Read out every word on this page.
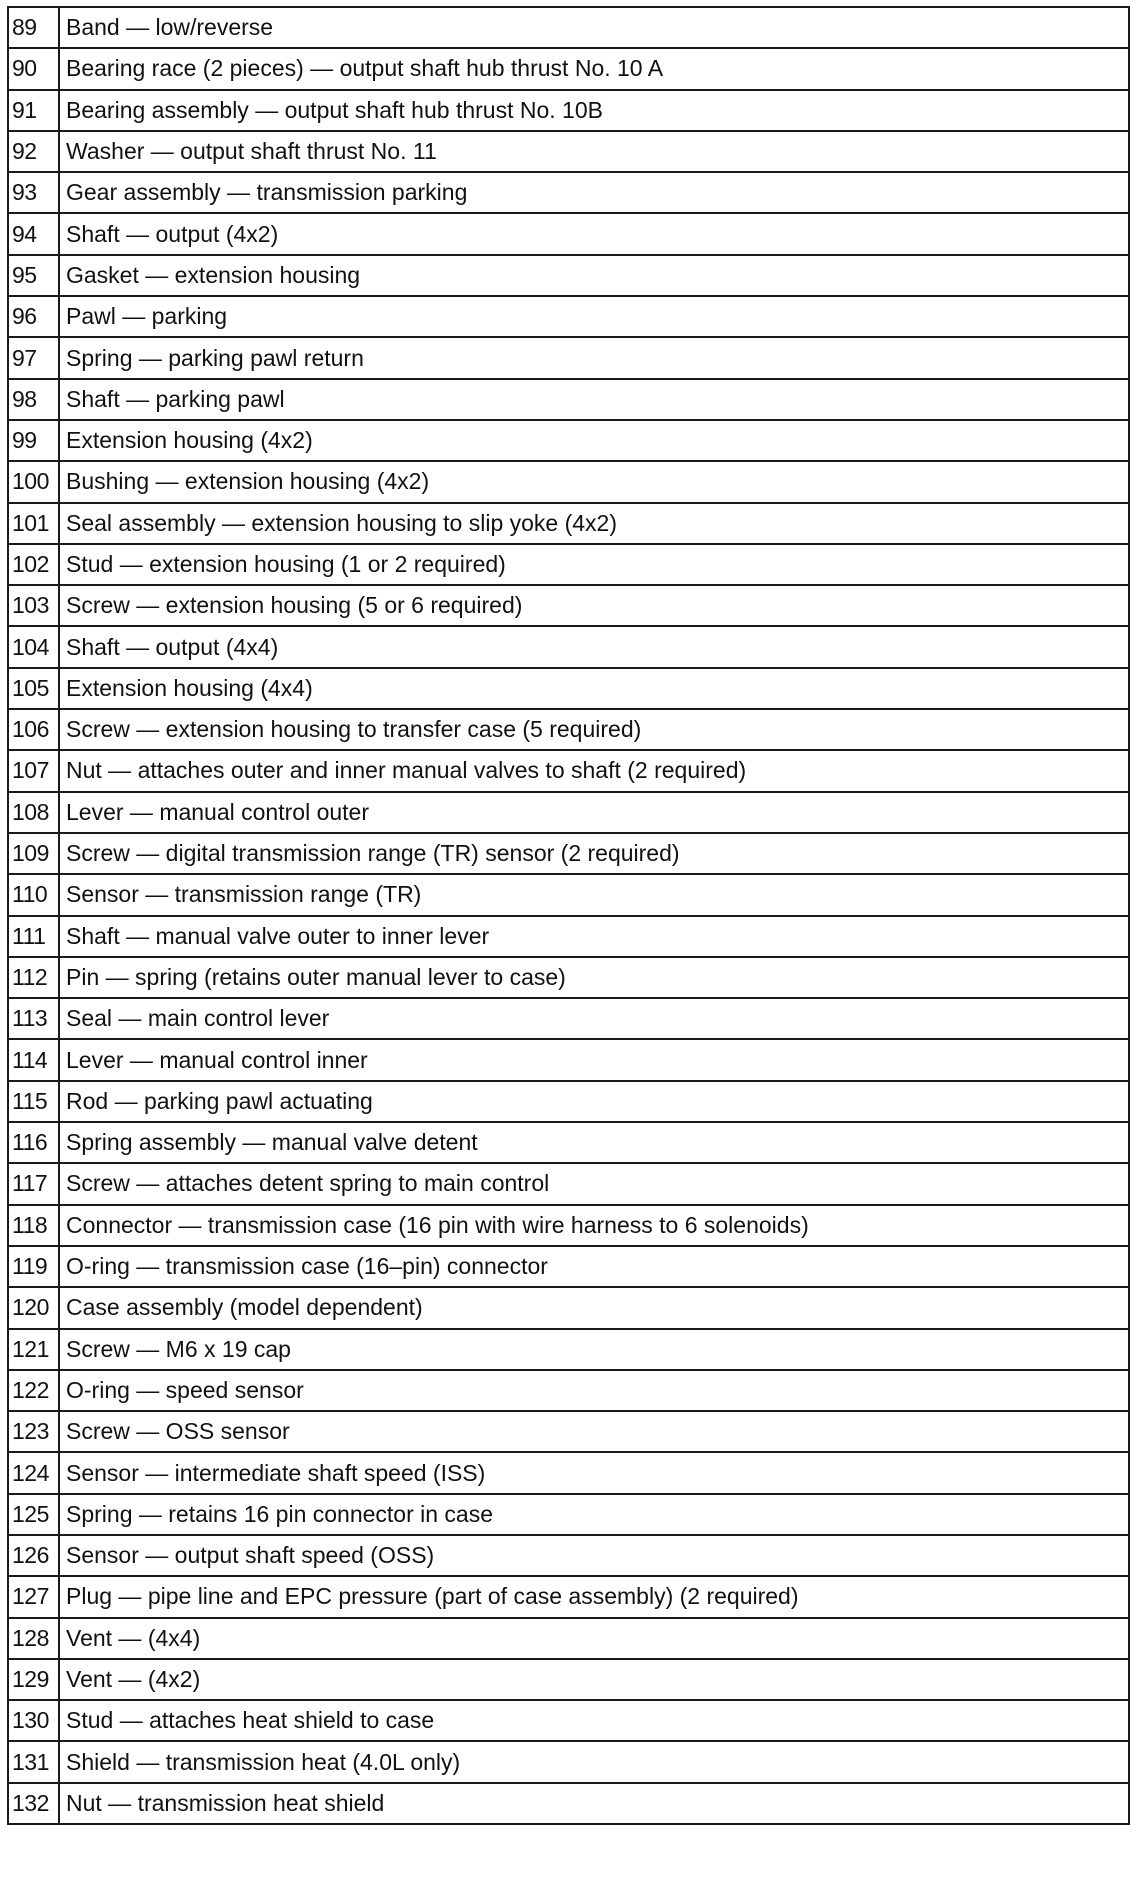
89	Band — low/reverse
90	Bearing race (2 pieces) — output shaft hub thrust No. 10 A
91	Bearing assembly — output shaft hub thrust No. 10B
92	Washer — output shaft thrust No. 11
93	Gear assembly — transmission parking
94	Shaft — output (4x2)
95	Gasket — extension housing
96	Pawl — parking
97	Spring — parking pawl return
98	Shaft — parking pawl
99	Extension housing (4x2)
100	Bushing — extension housing (4x2)
101	Seal assembly — extension housing to slip yoke (4x2)
102	Stud — extension housing (1 or 2 required)
103	Screw — extension housing (5 or 6 required)
104	Shaft — output (4x4)
105	Extension housing (4x4)
106	Screw — extension housing to transfer case (5 required)
107	Nut — attaches outer and inner manual valves to shaft (2 required)
108	Lever — manual control outer
109	Screw — digital transmission range (TR) sensor (2 required)
110	Sensor — transmission range (TR)
111	Shaft — manual valve outer to inner lever
112	Pin — spring (retains outer manual lever to case)
113	Seal — main control lever
114	Lever — manual control inner
115	Rod — parking pawl actuating
116	Spring assembly — manual valve detent
117	Screw — attaches detent spring to main control
118	Connector — transmission case (16 pin with wire harness to 6 solenoids)
119	O-ring — transmission case (16–pin) connector
120	Case assembly (model dependent)
121	Screw — M6 x 19 cap
122	O-ring — speed sensor
123	Screw — OSS sensor
124	Sensor — intermediate shaft speed (ISS)
125	Spring — retains 16 pin connector in case
126	Sensor — output shaft speed (OSS)
127	Plug — pipe line and EPC pressure (part of case assembly) (2 required)
128	Vent — (4x4)
129	Vent — (4x2)
130	Stud — attaches heat shield to case
131	Shield — transmission heat (4.0L only)
132	Nut — transmission heat shield
